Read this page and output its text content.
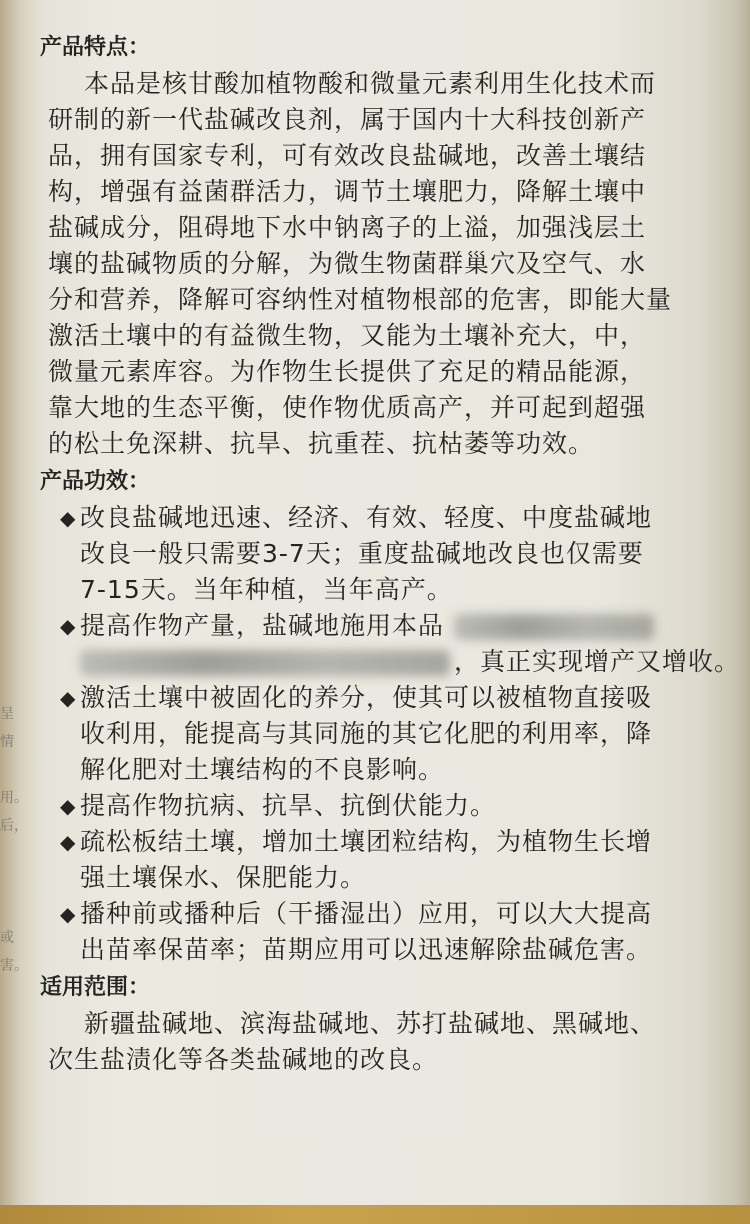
呈
情

用。
后，

或
害。
产品特点：
本品是核甘酸加植物酸和微量元素利用生化技术而
研制的新一代盐碱改良剂，属于国内十大科技创新产
品，拥有国家专利，可有效改良盐碱地，改善土壤结
构，增强有益菌群活力，调节土壤肥力，降解土壤中
盐碱成分，阻碍地下水中钠离子的上溢，加强浅层土
壤的盐碱物质的分解，为微生物菌群巢穴及空气、水
分和营养，降解可容纳性对植物根部的危害，即能大量
激活土壤中的有益微生物，又能为土壤补充大，中，
微量元素库容。为作物生长提供了充足的精品能源，
靠大地的生态平衡，使作物优质高产，并可起到超强
的松土免深耕、抗旱、抗重茬、抗枯萎等功效。
产品功效：
◆ 改良盐碱地迅速、经济、有效、轻度、中度盐碱地
改良一般只需要3-7天；重度盐碱地改良也仅需要
7-15天。当年种植，当年高产。
◆ 提高作物产量，盐碱地施用本品
，真正实现增产又增收。
◆ 激活土壤中被固化的养分，使其可以被植物直接吸
收利用，能提高与其同施的其它化肥的利用率，降
解化肥对土壤结构的不良影响。
◆ 提高作物抗病、抗旱、抗倒伏能力。
◆ 疏松板结土壤，增加土壤团粒结构，为植物生长增
强土壤保水、保肥能力。
◆ 播种前或播种后（干播湿出）应用，可以大大提高
出苗率保苗率；苗期应用可以迅速解除盐碱危害。
适用范围：
新疆盐碱地、滨海盐碱地、苏打盐碱地、黑碱地、
次生盐渍化等各类盐碱地的改良。
